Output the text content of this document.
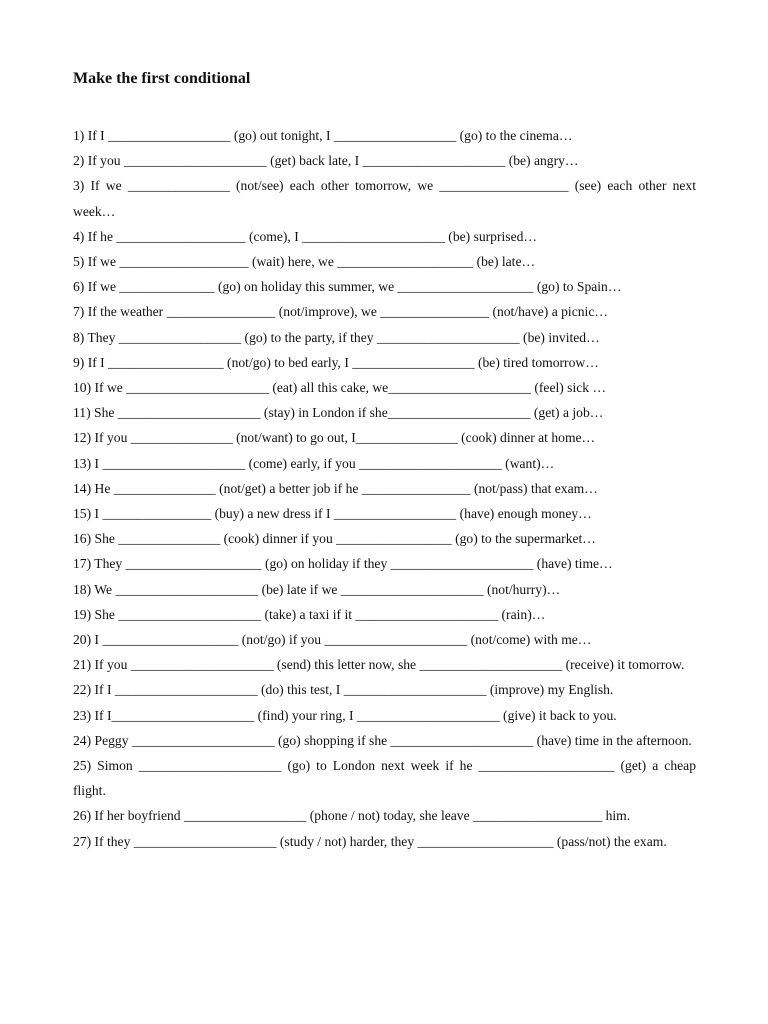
Make the first conditional
1) If I __________________ (go) out tonight, I __________________ (go) to the cinema…
2) If you _____________________ (get) back late, I _____________________ (be) angry…
3) If we _______________ (not/see) each other tomorrow, we ___________________ (see) each other next week…
4) If he ___________________ (come), I _____________________ (be) surprised…
5) If we ___________________ (wait) here, we ____________________ (be) late…
6) If we ______________ (go) on holiday this summer, we ____________________ (go) to Spain…
7) If the weather ________________ (not/improve), we ________________ (not/have) a picnic…
8) They __________________ (go) to the party, if they _____________________ (be) invited…
9) If I _________________ (not/go) to bed early, I __________________ (be) tired tomorrow…
10) If we _____________________ (eat) all this cake, we_____________________ (feel) sick …
11) She _____________________ (stay) in London if she_____________________ (get) a job…
12) If you _______________ (not/want) to go out, I_______________ (cook) dinner at home…
13) I _____________________ (come) early, if you _____________________ (want)…
14) He _______________ (not/get) a better job if he ________________ (not/pass) that exam…
15) I ________________ (buy) a new dress if I __________________ (have) enough money…
16) She _______________ (cook) dinner if you _________________ (go) to the supermarket…
17) They ____________________ (go) on holiday if they _____________________ (have) time…
18) We _____________________ (be) late if we _____________________ (not/hurry)…
19) She _____________________ (take) a taxi if it _____________________ (rain)…
20) I ____________________ (not/go) if you _____________________ (not/come) with me…
21) If you _____________________ (send) this letter now, she _____________________ (receive) it tomorrow.
22) If I _____________________ (do) this test, I _____________________ (improve) my English.
23) If I_____________________ (find) your ring, I _____________________ (give) it back to you.
24) Peggy _____________________ (go) shopping if she _____________________ (have) time in the afternoon.
25) Simon _____________________ (go) to London next week if he ____________________ (get) a cheap flight.
26) If her boyfriend __________________ (phone / not) today, she leave ___________________ him.
27) If they _____________________ (study / not) harder, they ____________________ (pass/not) the exam.
